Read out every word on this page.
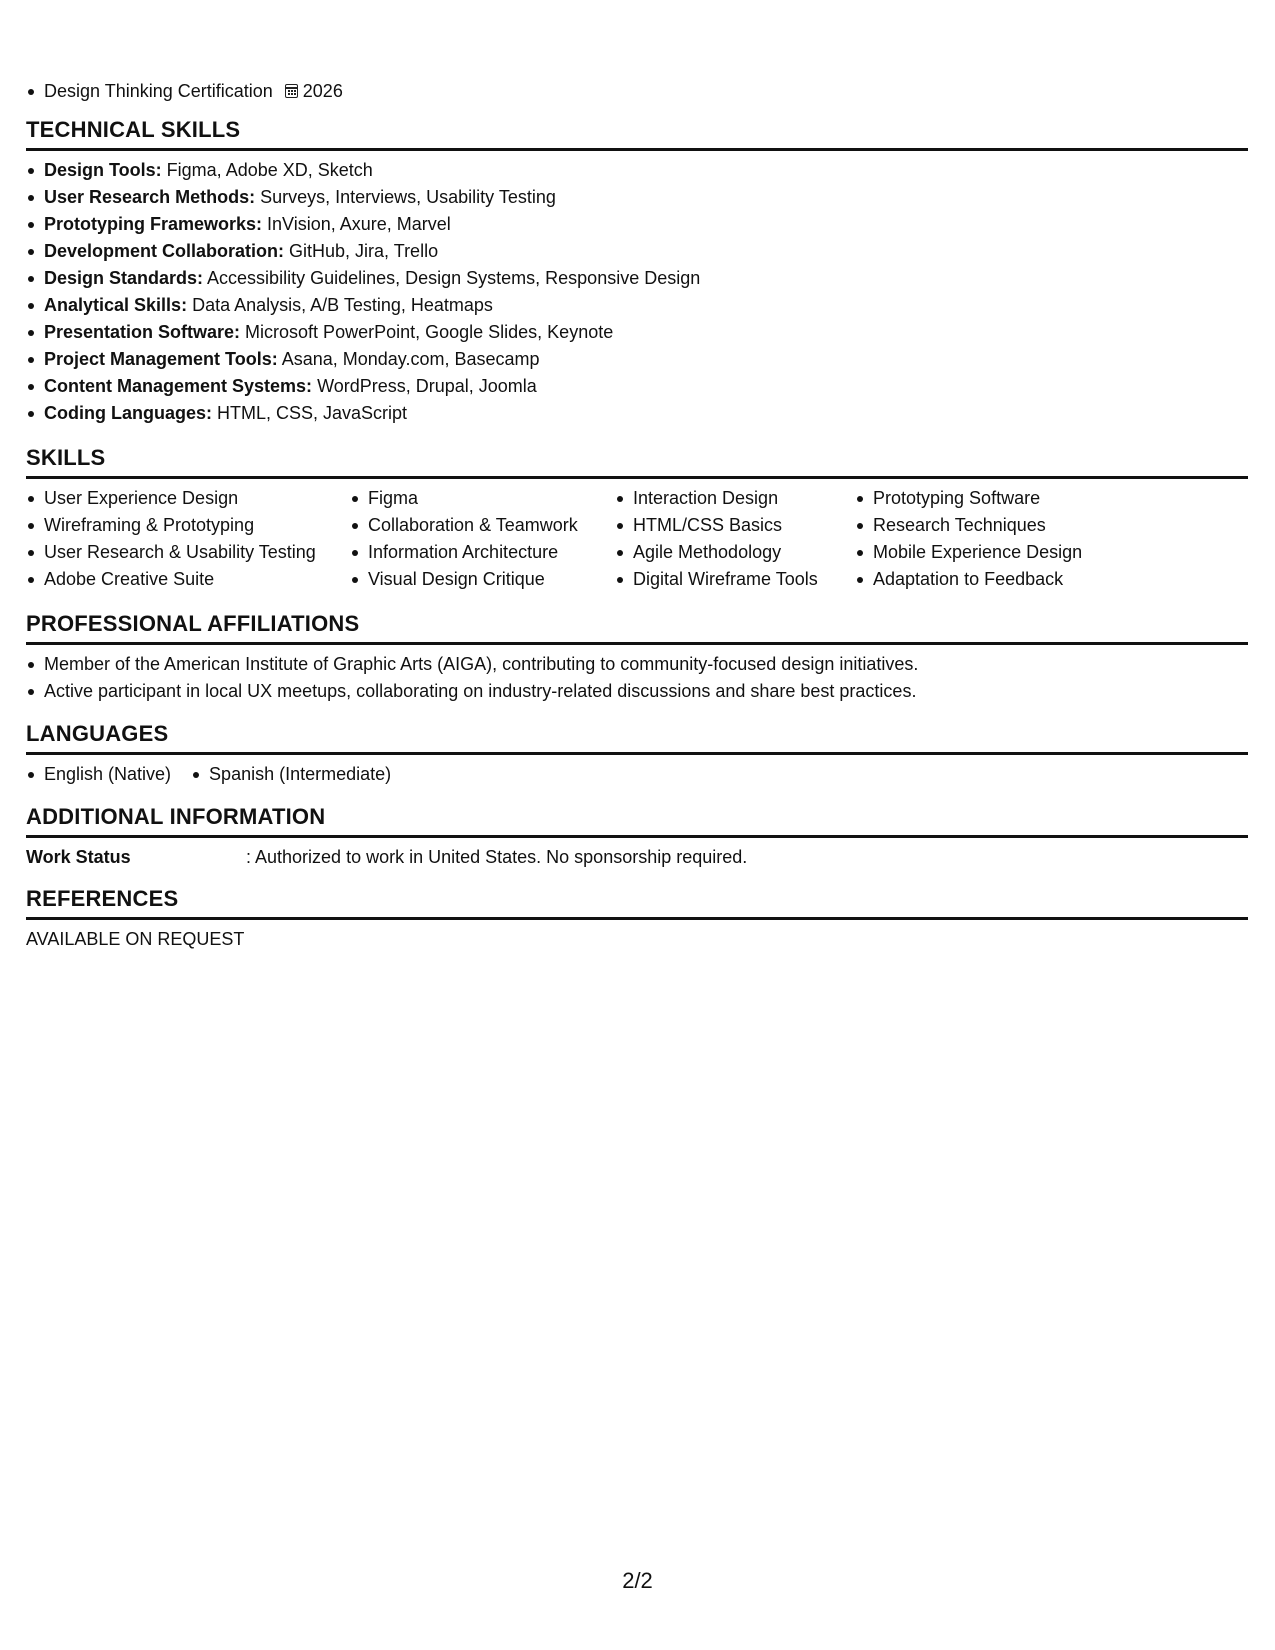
Design Thinking Certification 2026
TECHNICAL SKILLS
Design Tools: Figma, Adobe XD, Sketch
User Research Methods: Surveys, Interviews, Usability Testing
Prototyping Frameworks: InVision, Axure, Marvel
Development Collaboration: GitHub, Jira, Trello
Design Standards: Accessibility Guidelines, Design Systems, Responsive Design
Analytical Skills: Data Analysis, A/B Testing, Heatmaps
Presentation Software: Microsoft PowerPoint, Google Slides, Keynote
Project Management Tools: Asana, Monday.com, Basecamp
Content Management Systems: WordPress, Drupal, Joomla
Coding Languages: HTML, CSS, JavaScript
SKILLS
User Experience Design
Wireframing & Prototyping
User Research & Usability Testing
Adobe Creative Suite
Figma
Collaboration & Teamwork
Information Architecture
Visual Design Critique
Interaction Design
HTML/CSS Basics
Agile Methodology
Digital Wireframe Tools
Prototyping Software
Research Techniques
Mobile Experience Design
Adaptation to Feedback
PROFESSIONAL AFFILIATIONS
Member of the American Institute of Graphic Arts (AIGA), contributing to community-focused design initiatives.
Active participant in local UX meetups, collaborating on industry-related discussions and share best practices.
LANGUAGES
English (Native)	Spanish (Intermediate)
ADDITIONAL INFORMATION
Work Status	: Authorized to work in United States. No sponsorship required.
REFERENCES
AVAILABLE ON REQUEST
2/2
